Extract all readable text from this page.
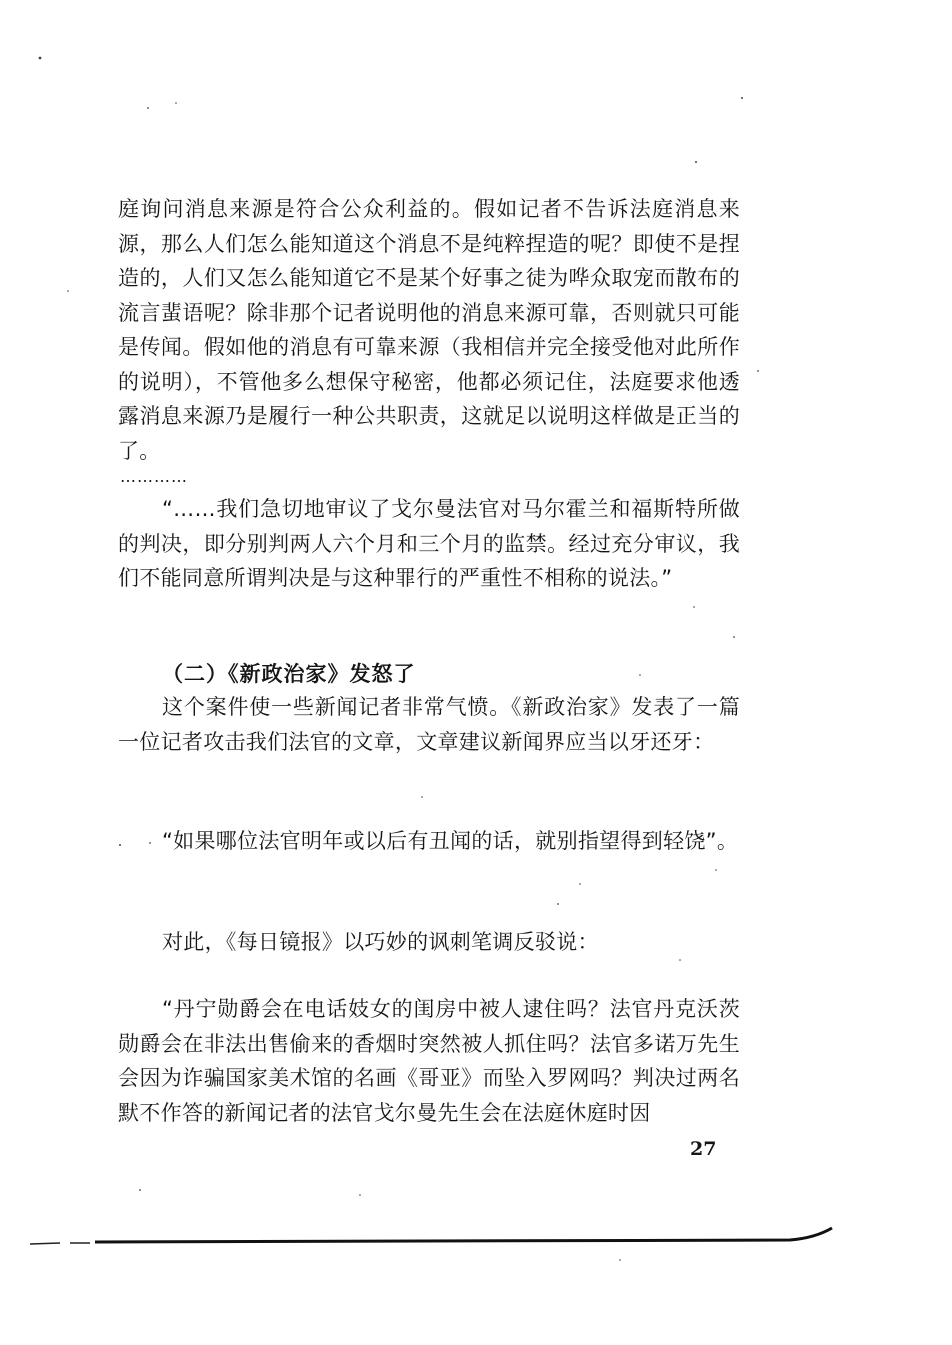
庭询问消息来源是符合公众利益的。假如记者不告诉法庭消息来源，那么人们怎么能知道这个消息不是纯粹捏造的呢？即使不是捏造的，人们又怎么能知道它不是某个好事之徒为哗众取宠而散布的流言蜚语呢？除非那个记者说明他的消息来源可靠，否则就只可能是传闻。假如他的消息有可靠来源（我相信并完全接受他对此所作的说明），不管他多么想保守秘密，他都必须记住，法庭要求他透露消息来源乃是履行一种公共职责，这就足以说明这样做是正当的了。
…………
“……我们急切地审议了戈尔曼法官对马尔霍兰和福斯特所做的判决，即分别判两人六个月和三个月的监禁。经过充分审议，我们不能同意所谓判决是与这种罪行的严重性不相称的说法。”
（二）《新政治家》发怒了
这个案件使一些新闻记者非常气愤。《新政治家》发表了一篇一位记者攻击我们法官的文章，文章建议新闻界应当以牙还牙：
“如果哪位法官明年或以后有丑闻的话，就别指望得到轻饶”。
对此，《每日镜报》以巧妙的讽刺笔调反驳说：
“丹宁勋爵会在电话妓女的闺房中被人逮住吗？法官丹克沃茨勋爵会在非法出售偷来的香烟时突然被人抓住吗？法官多诺万先生会因为诈骗国家美术馆的名画《哥亚》而坠入罗网吗？判决过两名默不作答的新闻记者的法官戈尔曼先生会在法庭休庭时因
27
